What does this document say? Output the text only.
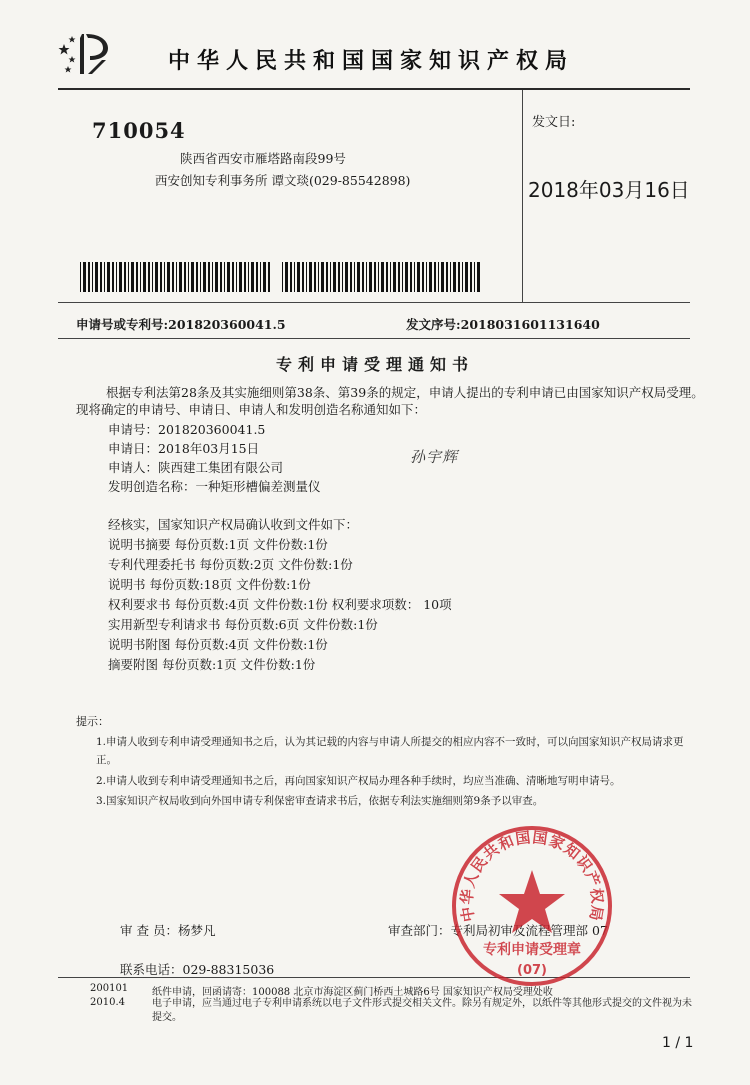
中华人民共和国国家知识产权局
710054
陕西省西安市雁塔路南段99号
西安创知专利事务所 谭文琰(029-85542898)
发文日:
2018年03月16日
申请号或专利号:201820360041.5	发文序号:2018031601131640
专利申请受理通知书
根据专利法第28条及其实施细则第38条、第39条的规定，申请人提出的专利申请已由国家知识产权局受理。现将确定的申请号、申请日、申请人和发明创造名称通知如下：
申请号：201820360041.5
申请日：2018年03月15日
申请人：陕西建工集团有限公司
发明创造名称：一种矩形槽偏差测量仪
孙宇辉
经核实，国家知识产权局确认收到文件如下：
说明书摘要 每份页数:1页 文件份数:1份
专利代理委托书 每份页数:2页 文件份数:1份
说明书 每份页数:18页 文件份数:1份
权利要求书 每份页数:4页 文件份数:1份 权利要求项数： 10项
实用新型专利请求书 每份页数:6页 文件份数:1份
说明书附图 每份页数:4页 文件份数:1份
摘要附图 每份页数:1页 文件份数:1份
提示：
1.申请人收到专利申请受理通知书之后，认为其记载的内容与申请人所提交的相应内容不一致时，可以向国家知识产权局请求更正。
2.申请人收到专利申请受理通知书之后，再向国家知识产权局办理各种手续时，均应当准确、清晰地写明申请号。
3.国家知识产权局收到向外国申请专利保密审查请求书后，依据专利法实施细则第9条予以审查。
审 查 员：杨梦凡	审查部门：专利局初审及流程管理部 07
联系电话：029-88315036
200101
2010.4
纸件申请，回函请寄：100088 北京市海淀区蓟门桥西土城路6号 国家知识产权局受理处收
电子申请，应当通过电子专利申请系统以电子文件形式提交相关文件。除另有规定外，以纸件等其他形式提交的文件视为未提交。
1 / 1
中华人民共和国国家知识产权局
专利申请受理章
(07)
